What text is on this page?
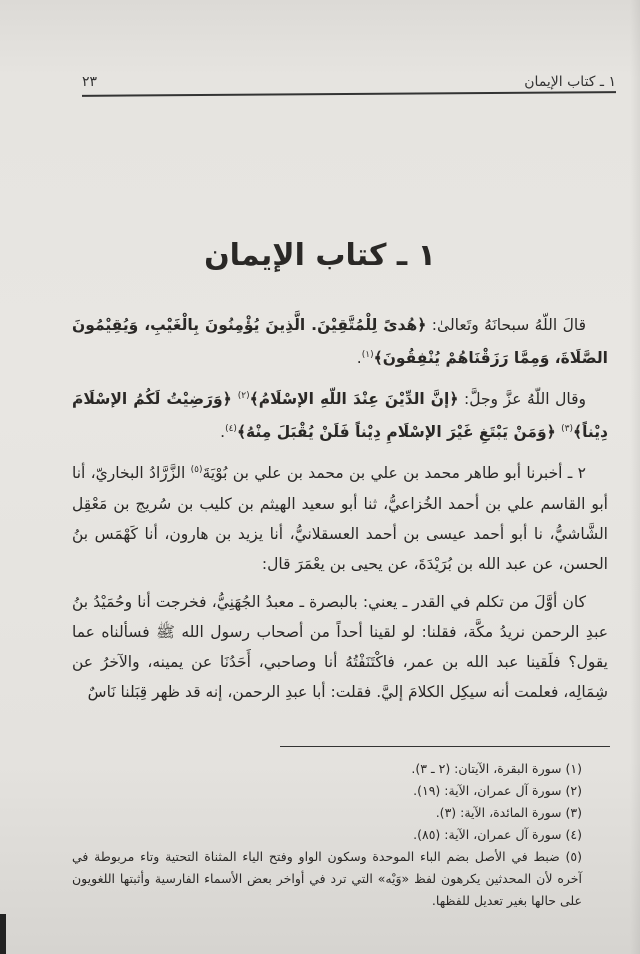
١ ـ كتاب الإيمان
٢٣
١ ـ كتاب الإيمان

قالَ اللّهُ سبحانَهُ وتَعالىٰ: ﴿هُدىً لِلْمُتَّقِيْنَ. الَّذِينَ يُؤْمِنُونَ بِالْغَيْبِ، وَيُقِيْمُونَ الصَّلَاةَ، وَمِمَّا رَزَقْنَاهُمْ يُنْفِقُونَ﴾$^{(١)}$.

وقال اللّهُ عزَّ وجلَّ: ﴿إنَّ الدِّيْنَ عِنْدَ اللّهِ الإسْلَامُ﴾$^{(٢)}$ ﴿وَرَضِيْتُ لَكُمُ الإسْلَامَ دِيْناً﴾$^{(٣)}$ ﴿وَمَنْ يَبْتَغِ غَيْرَ الإسْلَامِ دِيْناً فَلَنْ يُقْبَلَ مِنْهُ﴾$^{(٤)}$.

٢ ـ أخبرنا أبو طاهر محمد بن علي بن محمد بن علي بن بُوْيَةَ$^{(٥)}$ الزَّرَّادُ البخاريّ، أنا أبو القاسم علي بن أحمد الخُزاعيُّ، ثنا أبو سعيد الهيثم بن كليب بن سُريج بن مَعْقِل الشَّاشيُّ، نا أبو أحمد عيسى بن أحمد العسقلانيُّ، أنا يزيد بن هارون، أنا كَهْمَس بنُ الحسن، عن عبد الله بن بُرَيْدَةَ، عن يحيى بن يعْمَرَ قال:

كان أوَّلَ من تكلم في القدر ـ يعني: بالبصرة ـ معبدُ الجُهَنِيُّ، فخرجت أنا وحُمَيْدُ بنُ عبدِ الرحمن نريدُ مكَّة، فقلنا: لو لقينا أحداً من أصحاب رسول الله ﷺ فسألناه عما يقول؟ فلَقينا عبد الله بن عمر، فاكْتَنَفْتُهُ أنا وصاحبي، أَحَدُنَا عن يمينه، والآخرُ عن شِمَالِه، فعلمت أنه سيكِل الكلامَ إليَّ. فقلت: أبا عبدِ الرحمن، إنه قد ظهر قِبَلنا نَاسٌ

(١) سورة البقرة، الآيتان: (٢ ـ ٣).

(٢) سورة آل عمران، الآية: (١٩).

(٣) سورة المائدة، الآية: (٣).

(٤) سورة آل عمران، الآية: (٨٥).

(٥) ضبط في الأصل بضم الباء الموحدة وسكون الواو وفتح الياء المثناة التحتية وتاء مربوطة في آخره لأن المحدثين يكرهون لفظ «وَيْه» التي ترد في أواخر بعض الأسماء الفارسية وأثبتها اللغويون على حالها بغير تعديل للفظها.
